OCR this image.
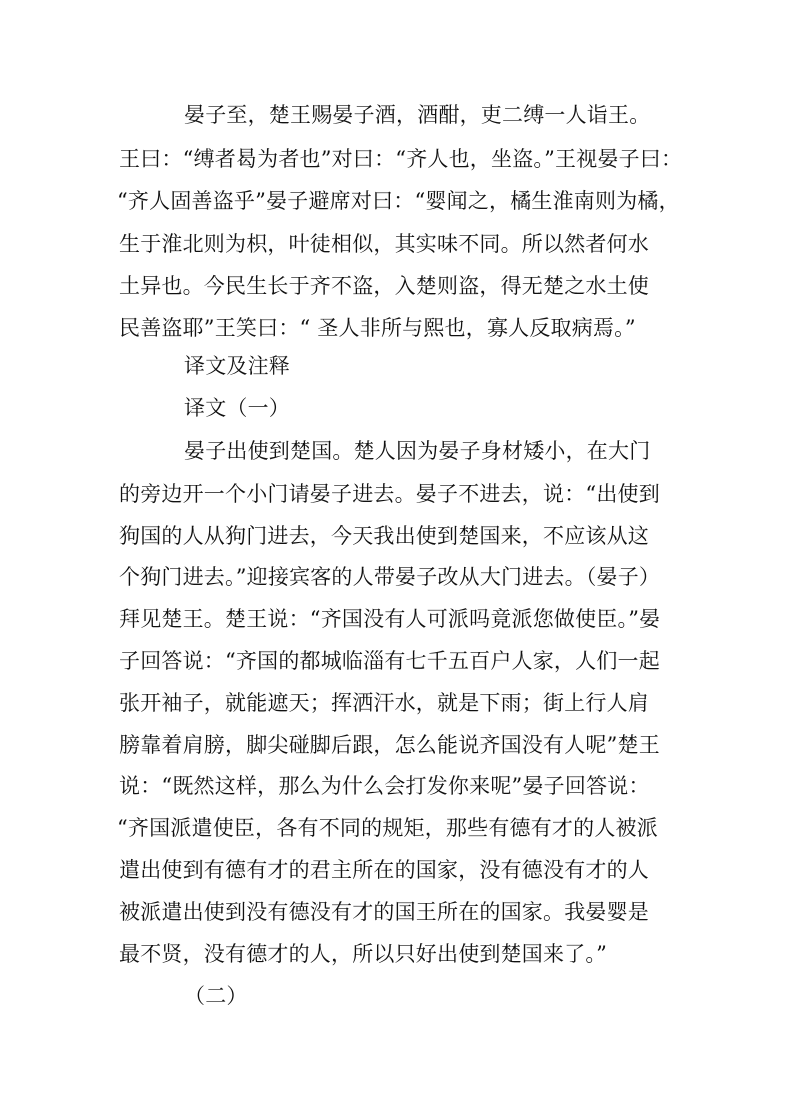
晏子至，楚王赐晏子酒，酒酣，吏二缚一人诣王。
王曰：“缚者曷为者也”对曰：“齐人也，坐盗。”王视晏子曰：
“齐人固善盗乎”晏子避席对曰：“婴闻之，橘生淮南则为橘，
生于淮北则为枳，叶徒相似，其实味不同。所以然者何水
土异也。今民生长于齐不盗，入楚则盗，得无楚之水土使
民善盗耶”王笑曰：“ 圣人非所与熙也，寡人反取病焉。”
译文及注释
译文（一）
晏子出使到楚国。楚人因为晏子身材矮小，在大门
的旁边开一个小门请晏子进去。晏子不进去，说：“出使到
狗国的人从狗门进去，今天我出使到楚国来，不应该从这
个狗门进去。”迎接宾客的人带晏子改从大门进去。（晏子）
拜见楚王。楚王说：“齐国没有人可派吗竟派您做使臣。”晏
子回答说：“齐国的都城临淄有七千五百户人家，人们一起
张开袖子，就能遮天；挥洒汗水，就是下雨；街上行人肩
膀靠着肩膀，脚尖碰脚后跟，怎么能说齐国没有人呢”楚王
说：“既然这样，那么为什么会打发你来呢”晏子回答说：
“齐国派遣使臣，各有不同的规矩，那些有德有才的人被派
遣出使到有德有才的君主所在的国家，没有德没有才的人
被派遣出使到没有德没有才的国王所在的国家。我晏婴是
最不贤，没有德才的人，所以只好出使到楚国来了。”
（二）
